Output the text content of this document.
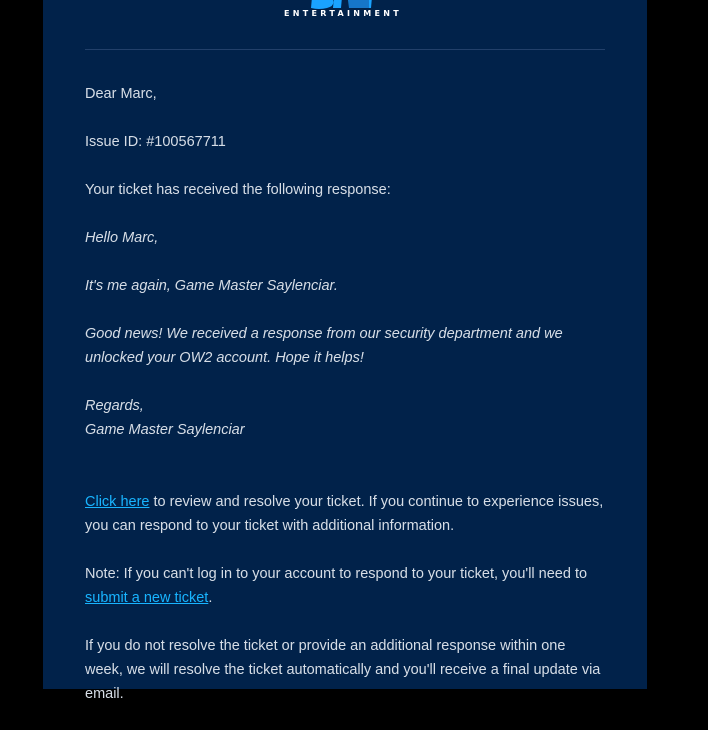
ENTERTAINMENT

Dear Marc,

Issue ID: #100567711

Your ticket has received the following response:

Hello Marc,

It's me again, Game Master Saylenciar.

Good news! We received a response from our security department and we unlocked your OW2 account. Hope it helps!

Regards,
Game Master Saylenciar

Click here to review and resolve your ticket. If you continue to experience issues, you can respond to your ticket with additional information.

Note: If you can't log in to your account to respond to your ticket, you'll need to submit a new ticket.

If you do not resolve the ticket or provide an additional response within one week, we will resolve the ticket automatically and you'll receive a final update via email.
